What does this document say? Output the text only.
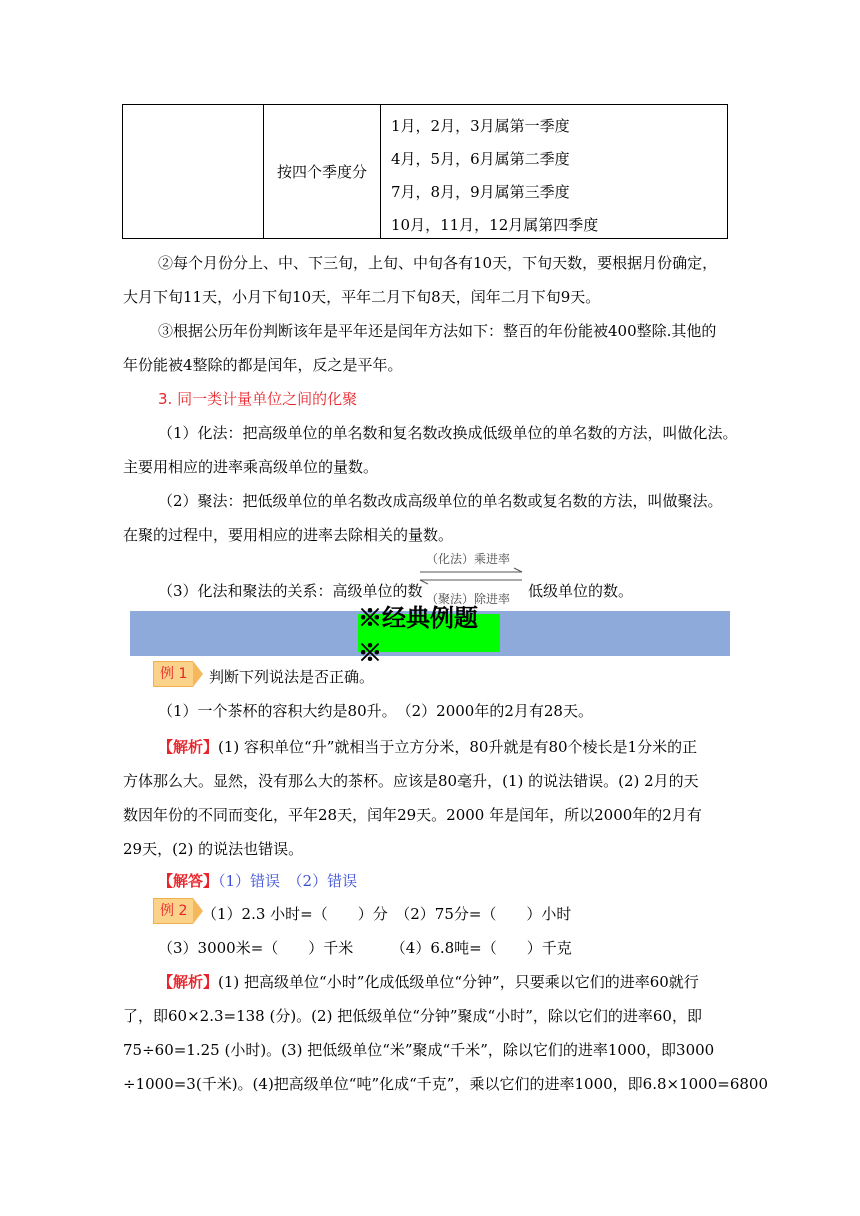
按四个季度分
1月，2月，3月属第一季度
4月，5月，6月属第二季度
7月，8月，9月属第三季度
10月，11月，12月属第四季度
②每个月份分上、中、下三旬，上旬、中旬各有10天，下旬天数，要根据月份确定，
大月下旬11天，小月下旬10天，平年二月下旬8天，闰年二月下旬9天。
③根据公历年份判断该年是平年还是闰年方法如下：整百的年份能被400整除.其他的
年份能被4整除的都是闰年，反之是平年。
3. 同一类计量单位之间的化聚
（1）化法：把高级单位的单名数和复名数改换成低级单位的单名数的方法，叫做化法。
主要用相应的进率乘高级单位的量数。
（2）聚法：把低级单位的单名数改成高级单位的单名数或复名数的方法，叫做聚法。
在聚的过程中，要用相应的进率去除相关的量数。
（3）化法和聚法的关系：高级单位的数
（化法）乘进率
（聚法）除进率 低级单位的数。
※经典例题※
例 1	判断下列说法是否正确。
（1）一个茶杯的容积大约是80升。　（2）2000年的2月有28天。
【解析】(1) 容积单位“升”就相当于立方分米，80升就是有80个棱长是1分米的正
方体那么大。显然，没有那么大的茶杯。应该是80毫升，(1) 的说法错误。(2) 2月的天
数因年份的不同而变化，平年28天，闰年29天。2000 年是闰年，所以2000年的2月有
29天，(2) 的说法也错误。
【解答】（1）错误　（2）错误
例 2 （1）2.3 小时=（　　）分　（2）75分=（　　）小时
（3）3000米=（　　）千米　　　（4）6.8吨=（　　）千克
【解析】(1) 把高级单位“小时”化成低级单位“分钟”，只要乘以它们的进率60就行
了，即60×2.3=138 (分)。(2) 把低级单位“分钟”聚成“小时”，除以它们的进率60，即
75÷60=1.25 (小时)。(3) 把低级单位“米”聚成“千米”，除以它们的进率1000，即3000
÷1000=3(千米)。(4)把高级单位“吨”化成“千克”，乘以它们的进率1000，即6.8×1000=6800
